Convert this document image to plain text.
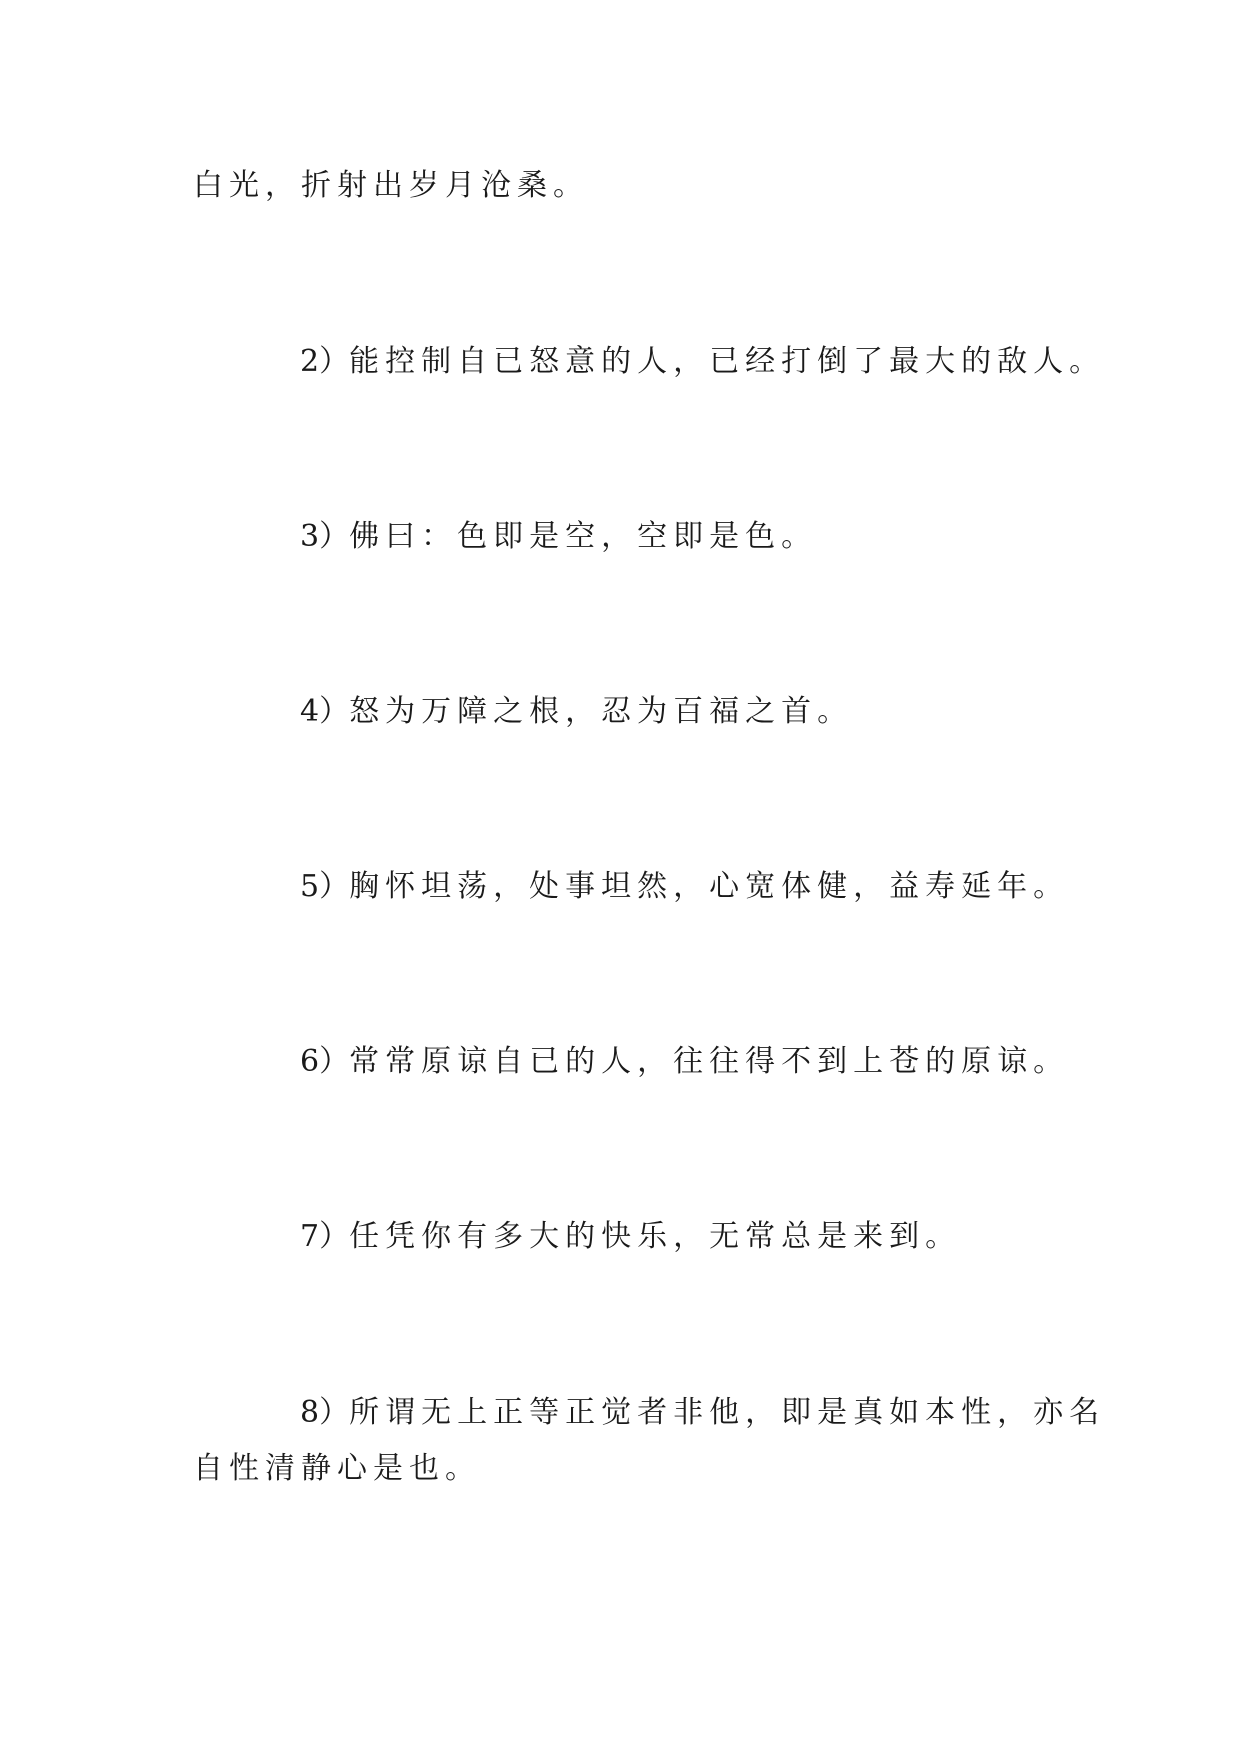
白光，折射出岁月沧桑。
2）能控制自已怒意的人，已经打倒了最大的敌人。
3）佛曰：色即是空，空即是色。
4）怒为万障之根，忍为百福之首。
5）胸怀坦荡，处事坦然，心宽体健，益寿延年。
6）常常原谅自已的人，往往得不到上苍的原谅。
7）任凭你有多大的快乐，无常总是来到。
8）所谓无上正等正觉者非他，即是真如本性，亦名
自性清静心是也。
